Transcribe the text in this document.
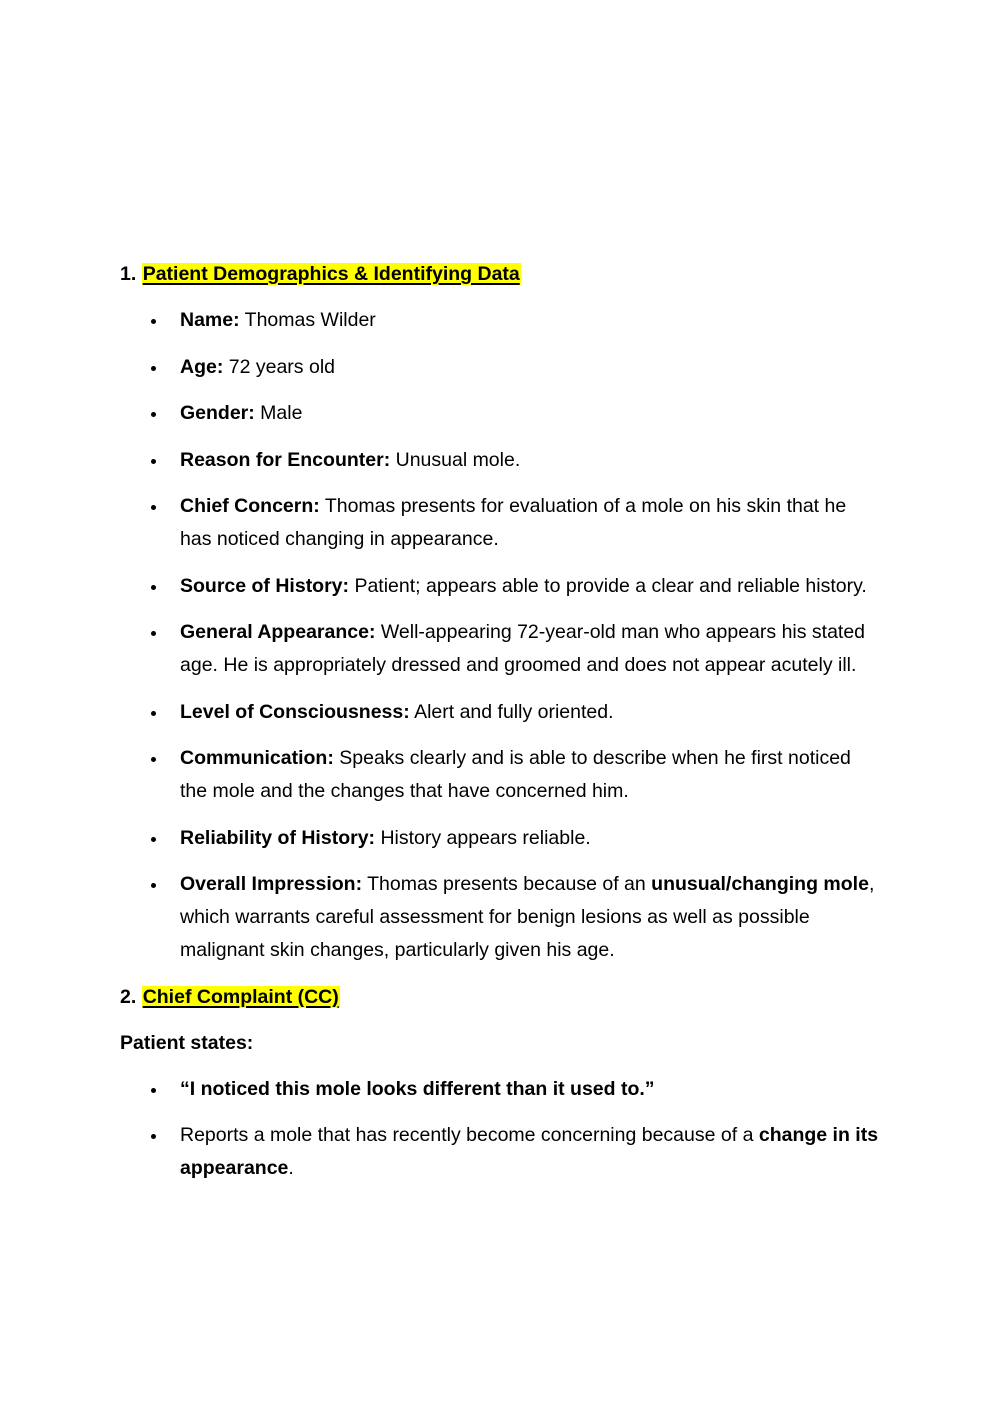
1. Patient Demographics & Identifying Data
Name: Thomas Wilder
Age: 72 years old
Gender: Male
Reason for Encounter: Unusual mole.
Chief Concern: Thomas presents for evaluation of a mole on his skin that he has noticed changing in appearance.
Source of History: Patient; appears able to provide a clear and reliable history.
General Appearance: Well-appearing 72-year-old man who appears his stated age. He is appropriately dressed and groomed and does not appear acutely ill.
Level of Consciousness: Alert and fully oriented.
Communication: Speaks clearly and is able to describe when he first noticed the mole and the changes that have concerned him.
Reliability of History: History appears reliable.
Overall Impression: Thomas presents because of an unusual/changing mole, which warrants careful assessment for benign lesions as well as possible malignant skin changes, particularly given his age.
2. Chief Complaint (CC)
Patient states:
“I noticed this mole looks different than it used to.”
Reports a mole that has recently become concerning because of a change in its appearance.
